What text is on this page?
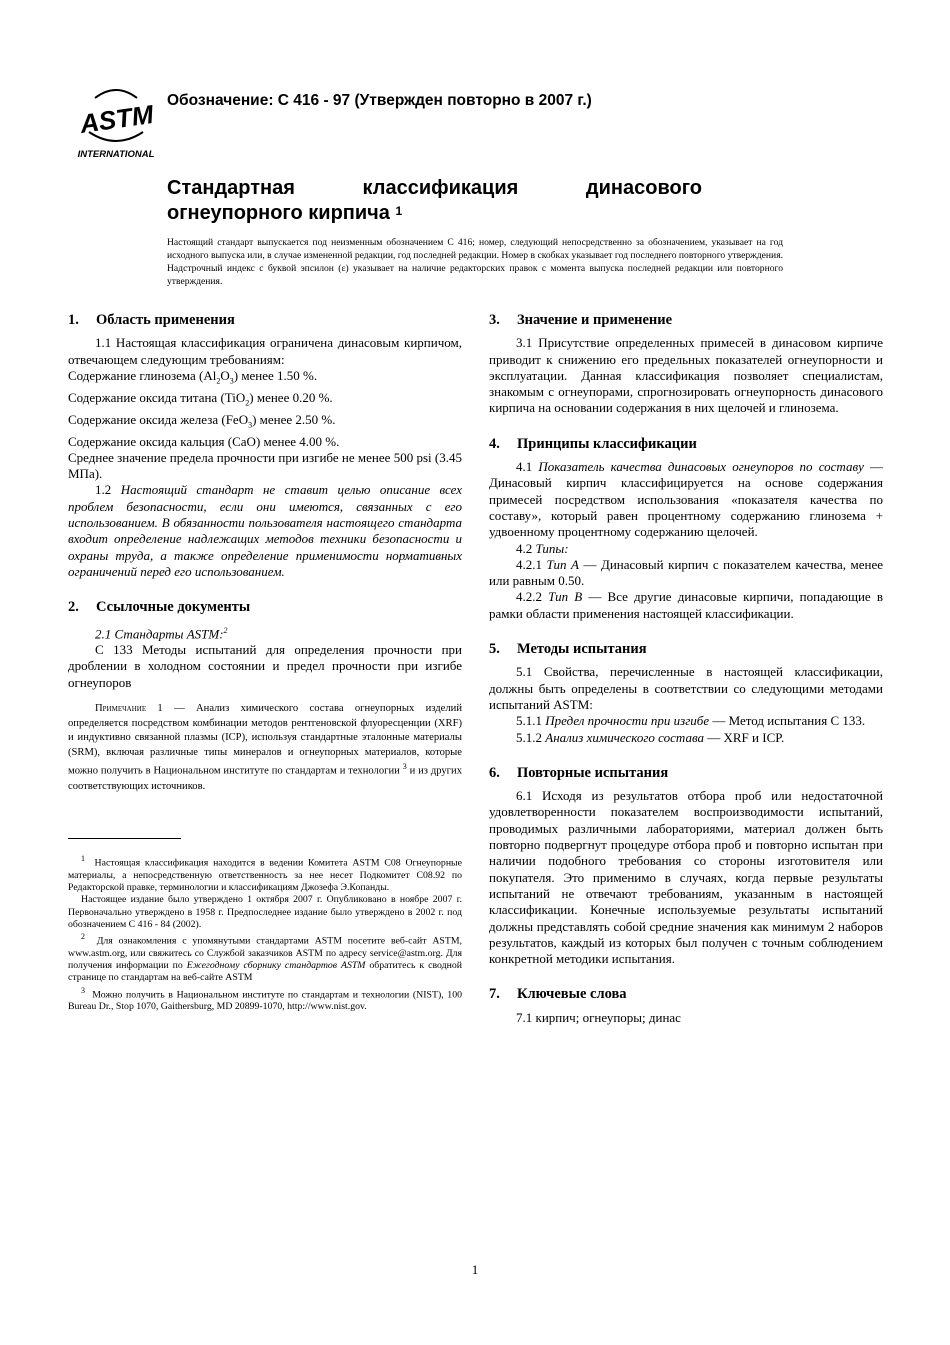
ASTM
INTERNATIONAL
Обозначение: C 416 - 97 (Утвержден повторно в 2007 г.)
Стандартная классификация динасового
огнеупорного кирпича $^1$
Настоящий стандарт выпускается под неизменным обозначением C 416; номер, следующий непосредственно за обозначением, указывает на год исходного выпуска или, в случае измененной редакции, год последней редакции. Номер в скобках указывает год последнего повторного утверждения. Надстрочный индекс с буквой эпсилон (ε) указывает на наличие редакторских правок с момента выпуска последней редакции или повторного утверждения.
1.	Область применения

1.1 Настоящая классификация ограничена динасовым кирпичом, отвечающем следующим требованиям:

Содержание глинозема $(Al_2O_3)$ менее 1.50 %.

Содержание оксида титана (TiO$_2$) менее 0.20 %.

Содержание оксида железа (FeO$_3$) менее 2.50 %.

Содержание оксида кальция (CaO) менее 4.00 %.

Среднее значение предела прочности при изгибе не менее 500 psi (3.45 МПа).

1.2 Настоящий стандарт не ставит целью описание всех проблем безопасности, если они имеются, связанных с его использованием. В обязанности пользователя настоящего стандарта входит определение надлежащих методов техники безопасности и охраны труда, а также определение применимости нормативных ограничений перед его использованием.

2.	Ссылочные документы

2.1 Стандарты ASTM:$^2$

C 133 Методы испытаний для определения прочности при дроблении в холодном состоянии и предел прочности при изгибе огнеупоров

Примечание 1 — Анализ химического состава огнеупорных изделий определяется посредством комбинации методов рентгеновской флуоресценции (XRF) и индуктивно связанной плазмы (ICP), используя стандартные эталонные материалы (SRM), включая различные типы минералов и огнеупорных материалов, которые можно получить в Национальном институте по стандартам и технологии $^3$ и из других соответствующих источников.

$^1$ Настоящая классификация находится в ведении Комитета ASTM C08 Огнеупорные материалы, а непосредственную ответственность за нее несет Подкомитет C08.92 по Редакторской правке, терминологии и классификациям Джозефа Э.Копанды.

Настоящее издание было утверждено 1 октября 2007 г. Опубликовано в ноябре 2007 г. Первоначально утверждено в 1958 г. Предпоследнее издание было утверждено в 2002 г. под обозначением C 416 - 84 (2002).

$^2$ Для ознакомления с упомянутыми стандартами ASTM посетите веб-сайт ASTM, www.astm.org, или свяжитесь со Службой заказчиков ASTM по адресу service@astm.org. Для получения информации по Ежегодному сборнику стандартов ASTM обратитесь к сводной странице по стандартам на веб-сайте ASTM

$^3$ Можно получить в Национальном институте по стандартам и технологии (NIST), 100 Bureau Dr., Stop 1070, Gaithersburg, MD 20899-1070, http://www.nist.gov.

3.	Значение и применение

3.1 Присутствие определенных примесей в динасовом кирпиче приводит к снижению его предельных показателей огнеупорности и эксплуатации. Данная классификация позволяет специалистам, знакомым с огнеупорами, спрогнозировать огнеупорность динасового кирпича на основании содержания в них щелочей и глинозема.

4.	Принципы классификации

4.1 Показатель качества динасовых огнеупоров по составу — Динасовый кирпич классифицируется на основе содержания примесей посредством использования «показателя качества по составу», который равен процентному содержанию глинозема + удвоенному процентному содержанию щелочей.

4.2 Типы:

4.2.1 Тип A — Динасовый кирпич с показателем качества, менее или равным 0.50.

4.2.2 Тип B — Все другие динасовые кирпичи, попадающие в рамки области применения настоящей классификации.

5.	Методы испытания

5.1 Свойства, перечисленные в настоящей классификации, должны быть определены в соответствии со следующими методами испытаний ASTM:

5.1.1 Предел прочности при изгибе — Метод испытания C 133.

5.1.2 Анализ химического состава — XRF и ICP.

6.	Повторные испытания

6.1 Исходя из результатов отбора проб или недостаточной удовлетворенности показателем воспроизводимости испытаний, проводимых различными лабораториями, материал должен быть повторно подвергнут процедуре отбора проб и повторно испытан при наличии подобного требования со стороны изготовителя или покупателя. Это применимо в случаях, когда первые результаты испытаний не отвечают требованиям, указанным в настоящей классификации. Конечные используемые результаты испытаний должны представлять собой средние значения как минимум 2 наборов результатов, каждый из которых был получен с точным соблюдением конкретной методики испытания.

7.	Ключевые слова

7.1 кирпич; огнеупоры; динас

1
